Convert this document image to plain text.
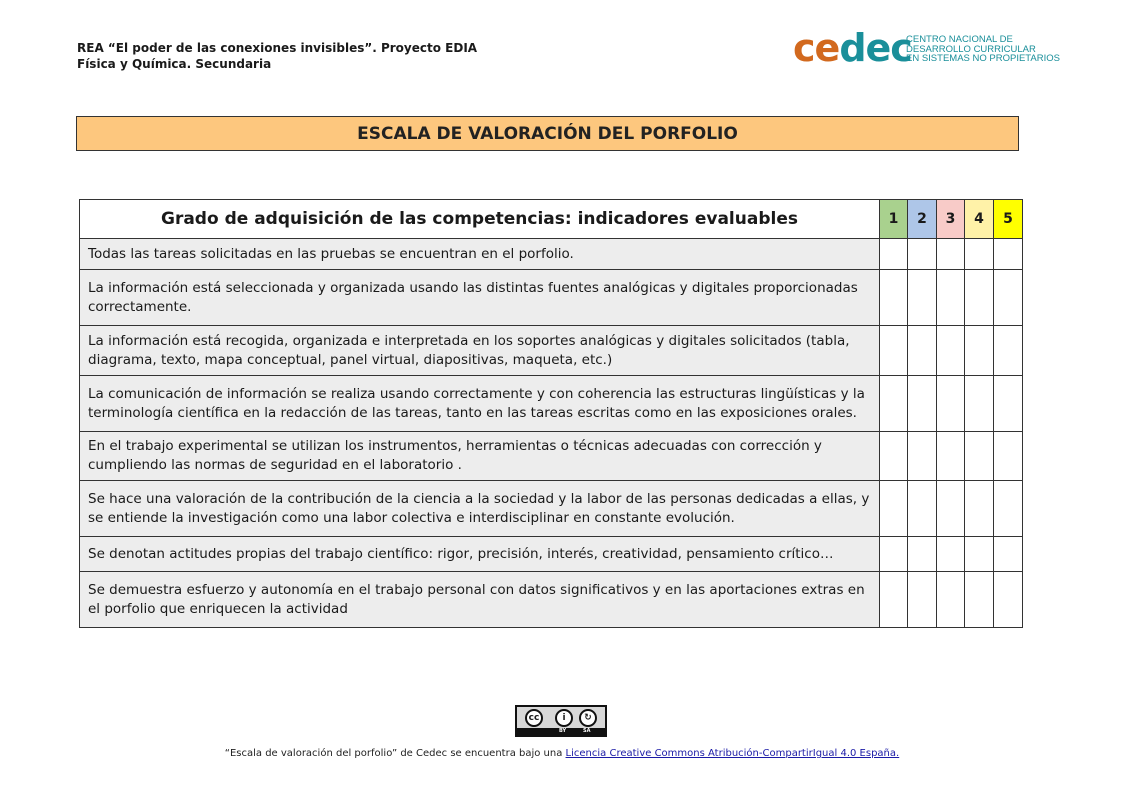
REA “El poder de las conexiones invisibles”. Proyecto EDIA
Física y Química. Secundaria	cedec
CENTRO NACIONAL DE
DESARROLLO CURRICULAR
EN SISTEMAS NO PROPIETARIOS
ESCALA DE VALORACIÓN DEL PORFOLIO
Grado de adquisición de las competencias: indicadores evaluables	1	2	3	4	5
Todas las tareas solicitadas en las pruebas se encuentran en el porfolio.					
La información está seleccionada y organizada usando las distintas fuentes analógicas y digitales proporcionadas correctamente.					
La información está recogida, organizada e interpretada en los soportes analógicas y digitales solicitados (tabla, diagrama, texto, mapa conceptual, panel virtual, diapositivas, maqueta, etc.)					
La comunicación de información se realiza usando correctamente y con coherencia las estructuras lingüísticas y la terminología científica en la redacción de las tareas, tanto en las tareas escritas como en las exposiciones orales.					
En el trabajo experimental se utilizan los instrumentos, herramientas o técnicas adecuadas con corrección y cumpliendo las normas de seguridad en el laboratorio .					
Se hace una valoración de la contribución de la ciencia a la sociedad y la labor de las personas dedicadas a ellas, y se entiende la investigación como una labor colectiva e interdisciplinar en constante evolución.					
Se denotan actitudes propias del trabajo científico: rigor, precisión, interés, creatividad, pensamiento crítico…					
Se demuestra esfuerzo y autonomía en el trabajo personal con datos significativos y en las aportaciones extras en el porfolio que enriquecen la actividad					
cc	i	↻
BY	SA
“Escala de valoración del porfolio” de Cedec se encuentra bajo una Licencia Creative Commons Atribución-CompartirIgual 4.0 España.
